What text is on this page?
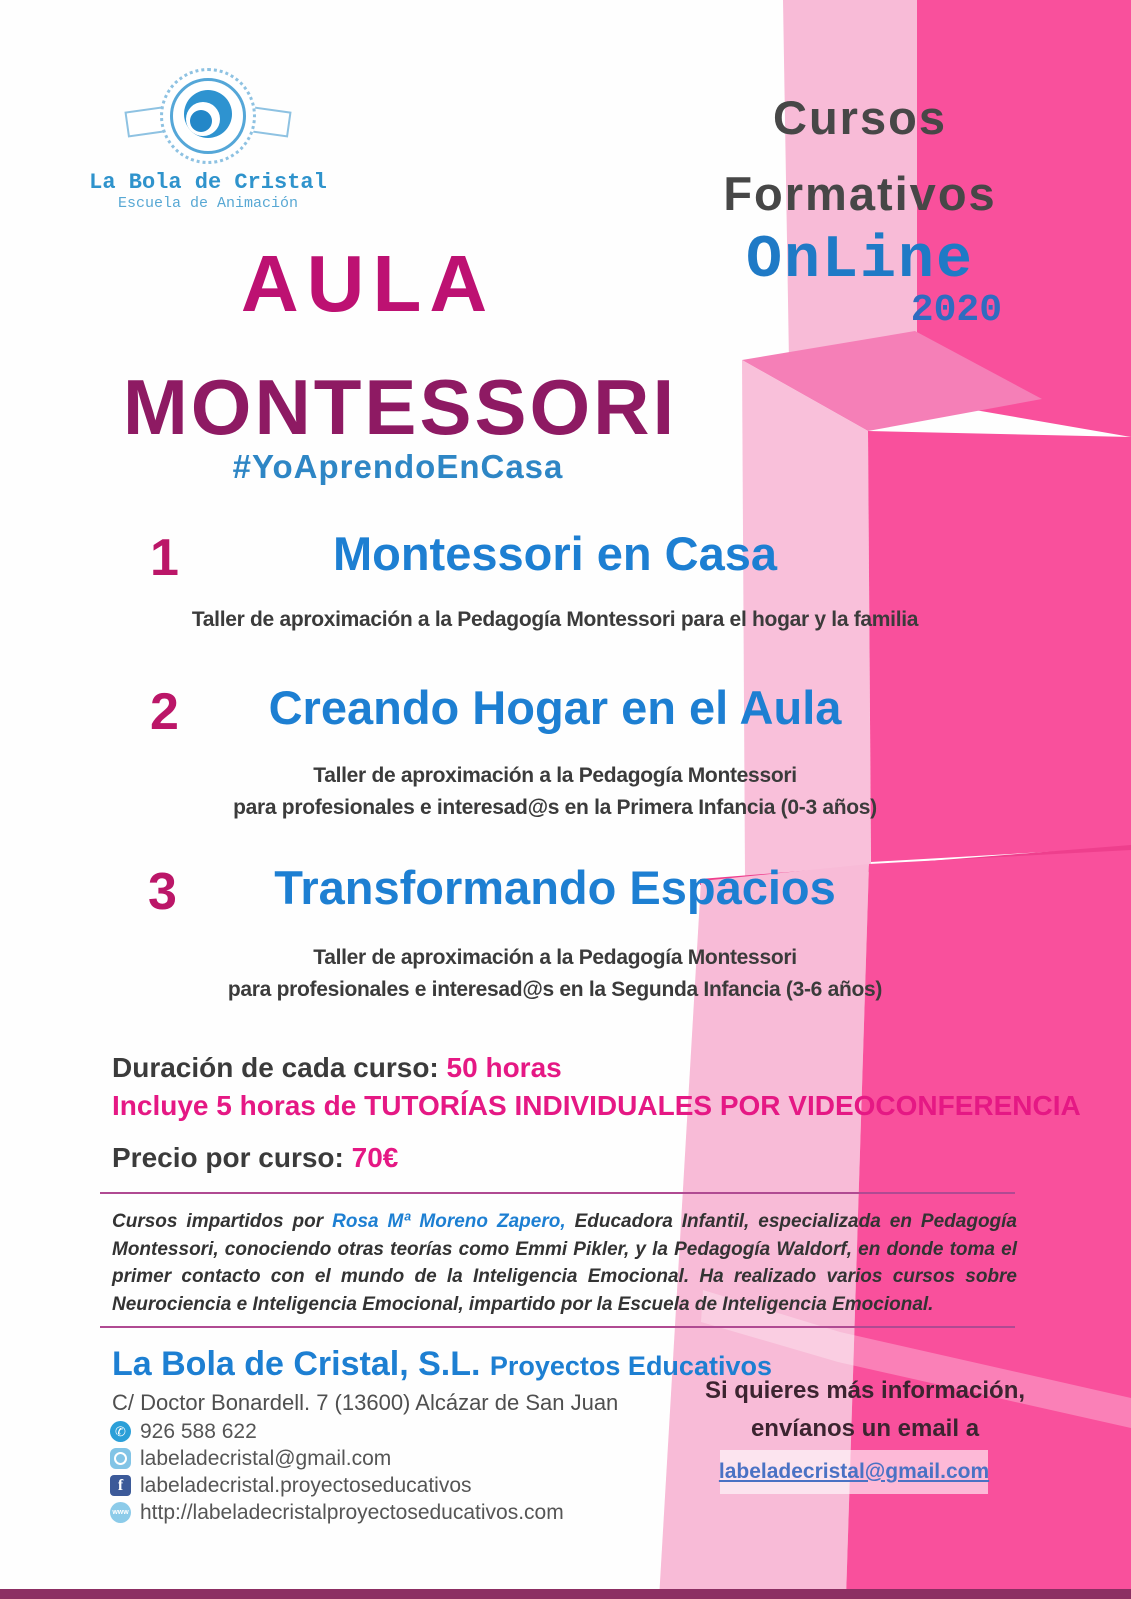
La Bola de Cristal
Escuela de Animación
Cursos
Formativos
OnLine
2020
AULA
MONTESSORI
#YoAprendoEnCasa
1	Montessori en Casa
Taller de aproximación a la Pedagogía Montessori para el hogar y la familia
2	Creando Hogar en el Aula
Taller de aproximación a la Pedagogía Montessori
para profesionales e interesad@s en la Primera Infancia (0-3 años)
3	Transformando Espacios
Taller de aproximación a la Pedagogía Montessori
para profesionales e interesad@s en la Segunda Infancia (3-6 años)
Duración de cada curso: 50 horas
Incluye 5 horas de TUTORÍAS INDIVIDUALES POR VIDEOCONFERENCIA
Precio por curso: 70€
Cursos impartidos por Rosa Mª Moreno Zapero, Educadora Infantil, especializada en Pedagogía Montessori, conociendo otras teorías como Emmi Pikler, y la Pedagogía Waldorf, en donde toma el primer contacto con el mundo de la Inteligencia Emocional. Ha realizado varios cursos sobre Neurociencia e Inteligencia Emocional, impartido por la Escuela de Inteligencia Emocional.
La Bola de Cristal, S.L. Proyectos Educativos
C/ Doctor Bonardell. 7 (13600) Alcázar de San Juan
✆ 926 588 622
labeladecristal@gmail.com
f labeladecristal.proyectoseducativos
www http://labeladecristalproyectoseducativos.com
Si quieres más información,
envíanos un email a
labeladecristal@gmail.com
